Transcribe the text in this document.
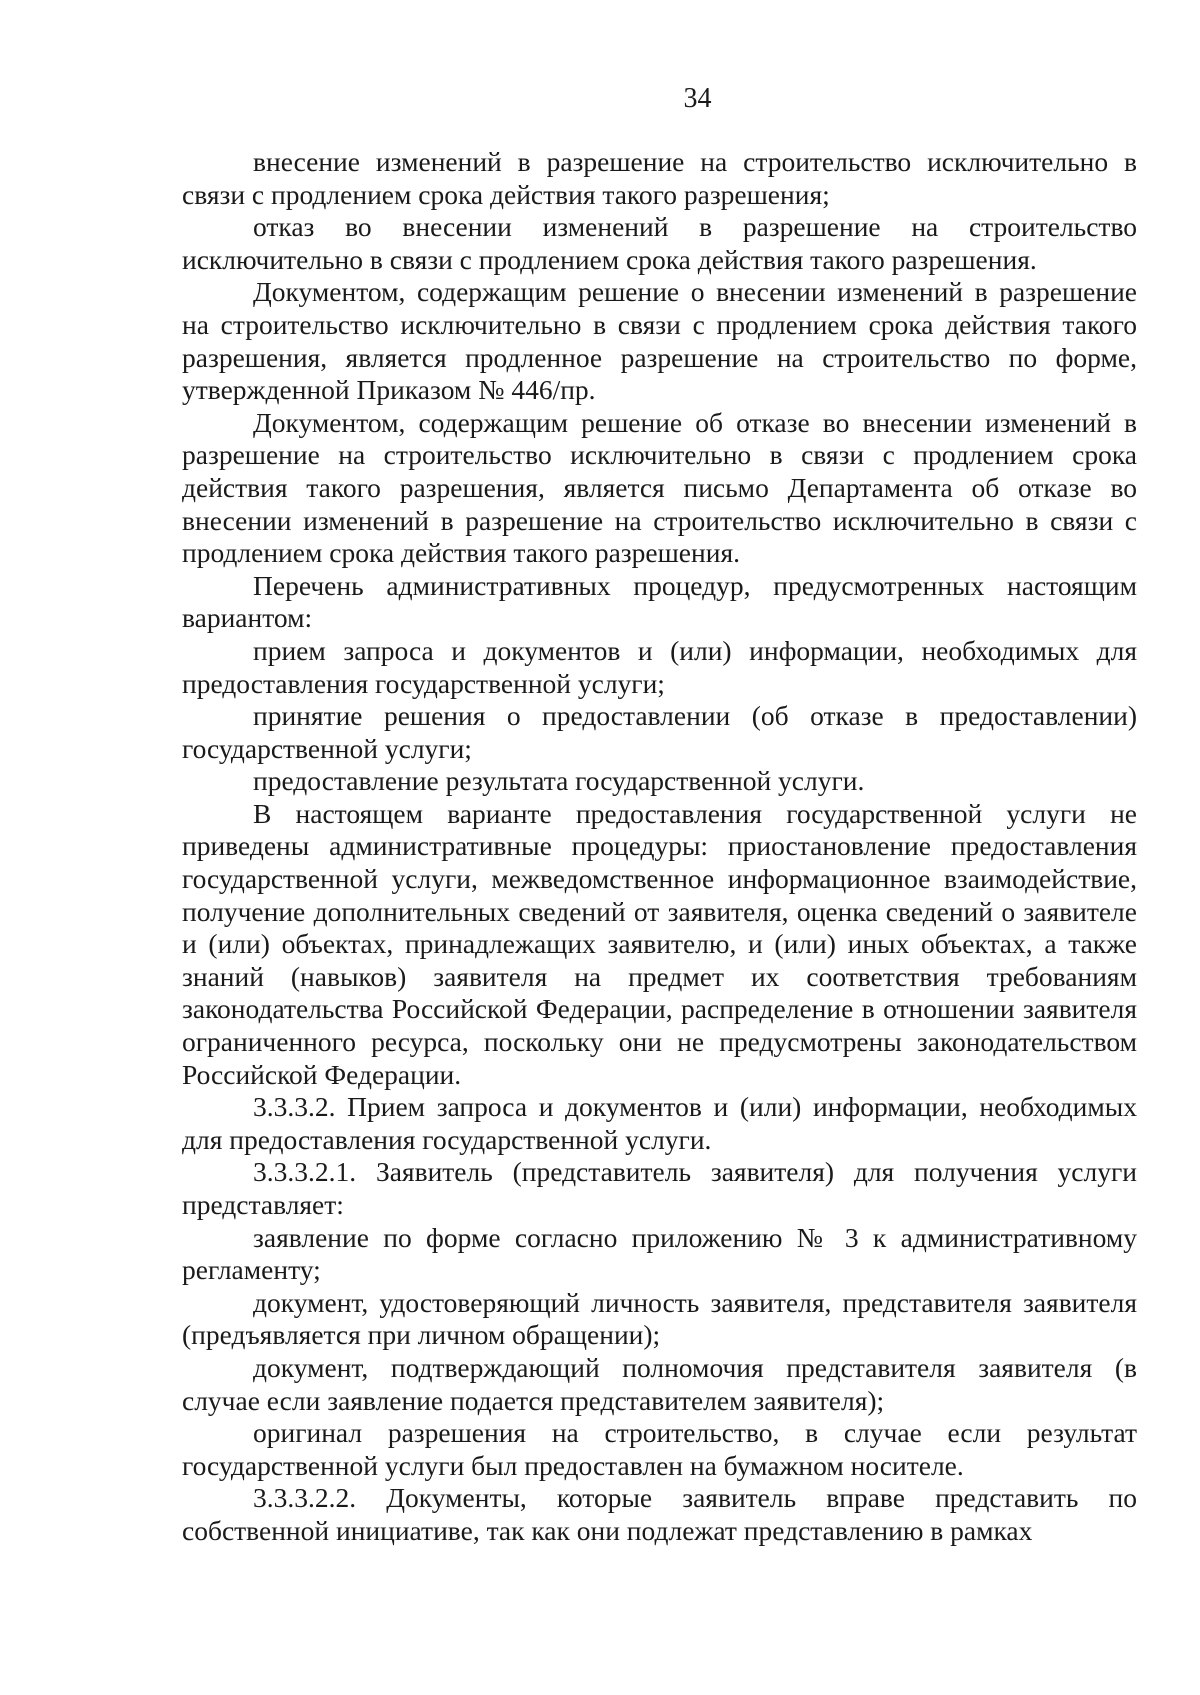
34

внесение изменений в разрешение на строительство исключительно в связи с продлением срока действия такого разрешения;

отказ во внесении изменений в разрешение на строительство исключительно в связи с продлением срока действия такого разрешения.

Документом, содержащим решение о внесении изменений в разрешение на строительство исключительно в связи с продлением срока действия такого разрешения, является продленное разрешение на строительство по форме, утвержденной Приказом № 446/пр.

Документом, содержащим решение об отказе во внесении изменений в разрешение на строительство исключительно в связи с продлением срока действия такого разрешения, является письмо Департамента об отказе во внесении изменений в разрешение на строительство исключительно в связи с продлением срока действия такого разрешения.

Перечень административных процедур, предусмотренных настоящим вариантом:

прием запроса и документов и (или) информации, необходимых для предоставления государственной услуги;

принятие решения о предоставлении (об отказе в предоставлении) государственной услуги;

предоставление результата государственной услуги.

В настоящем варианте предоставления государственной услуги не приведены административные процедуры: приостановление предоставления государственной услуги, межведомственное информационное взаимодействие, получение дополнительных сведений от заявителя, оценка сведений о заявителе и (или) объектах, принадлежащих заявителю, и (или) иных объектах, а также знаний (навыков) заявителя на предмет их соответствия требованиям законодательства Российской Федерации, распределение в отношении заявителя ограниченного ресурса, поскольку они не предусмотрены законодательством Российской Федерации.

3.3.3.2. Прием запроса и документов и (или) информации, необходимых для предоставления государственной услуги.

3.3.3.2.1. Заявитель (представитель заявителя) для получения услуги представляет:

заявление по форме согласно приложению № 3 к административному регламенту;

документ, удостоверяющий личность заявителя, представителя заявителя (предъявляется при личном обращении);

документ, подтверждающий полномочия представителя заявителя (в случае если заявление подается представителем заявителя);

оригинал разрешения на строительство, в случае если результат государственной услуги был предоставлен на бумажном носителе.

3.3.3.2.2. Документы, которые заявитель вправе представить по собственной инициативе, так как они подлежат представлению в рамках
